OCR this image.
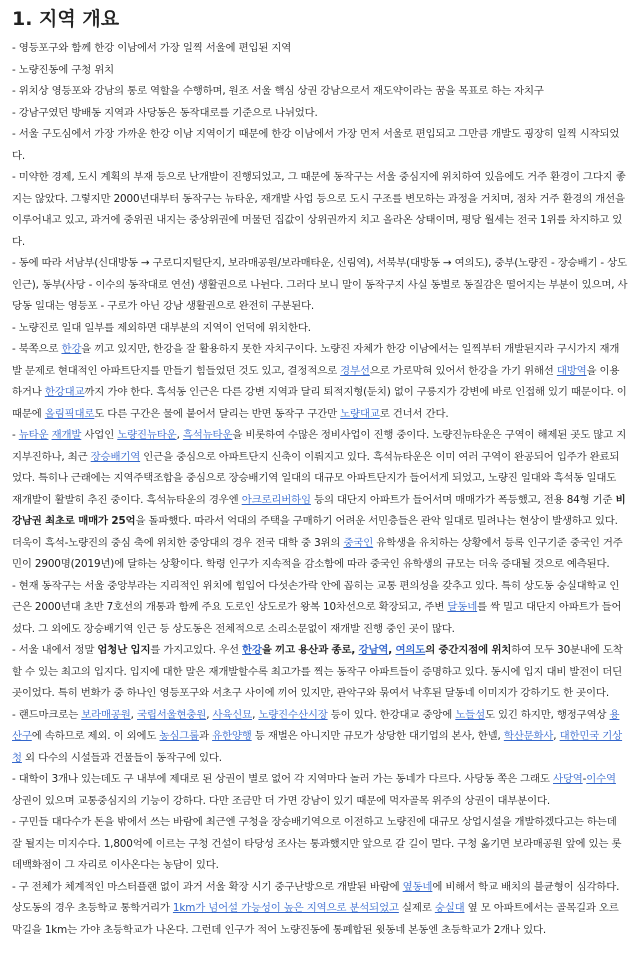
1. 지역 개요

- 영등포구와 함께 한강 이남에서 가장 일찍 서울에 편입된 지역

- 노량진동에 구청 위치

- 위치상 영등포와 강남의 통로 역할을 수행하며, 원조 서울 핵심 상권 강남으로서 재도약이라는 꿈을 목표로 하는 자치구

- 강남구였던 방배동 지역과 사당동은 동작대로를 기준으로 나뉘었다.

- 서울 구도심에서 가장 가까운 한강 이남 지역이기 때문에 한강 이남에서 가장 먼저 서울로 편입되고 그만큼 개발도 굉장히 일찍 시작되었다.

- 미약한 경제, 도시 계획의 부재 등으로 난개발이 진행되었고, 그 때문에 동작구는 서울 중심지에 위치하여 있음에도 거주 환경이 그다지 좋지는 않았다. 그렇지만 2000년대부터 동작구는 뉴타운, 재개발 사업 등으로 도시 구조를 변모하는 과정을 거치며, 점차 거주 환경의 개선을 이루어내고 있고, 과거에 중위권 내지는 중상위권에 머물던 집값이 상위권까지 치고 올라온 상태이며, 평당 월세는 전국 1위를 차지하고 있다.

- 동에 따라 서남부(신대방동 → 구로디지털단지, 보라매공원/보라매타운, 신림역), 서북부(대방동 → 여의도), 중부(노량진 - 장승배기 - 상도 인근), 동부(사당 - 이수의 동작대로 연선) 생활권으로 나뉜다. 그러다 보니 말이 동작구지 사실 동별로 동질감은 떨어지는 부분이 있으며, 사당동 일대는 영등포 - 구로가 아닌 강남 생활권으로 완전히 구분된다.

- 노량진로 일대 일부를 제외하면 대부분의 지역이 언덕에 위치한다.

- 북쪽으로 한강을 끼고 있지만, 한강을 잘 활용하지 못한 자치구이다. 노량진 자체가 한강 이남에서는 일찍부터 개발된지라 구시가지 재개발 문제로 현대적인 아파트단지를 만들기 힘들었던 것도 있고, 결정적으로 경부선으로 가로막혀 있어서 한강을 가기 위해선 대방역을 이용하거나 한강대교까지 가야 한다. 흑석동 인근은 다른 강변 지역과 달리 퇴적지형(둔치) 없이 구릉지가 강변에 바로 인접해 있기 때문이다. 이 때문에 올림픽대로도 다른 구간은 물에 붙어서 달리는 반면 동작구 구간만 노량대교로 건너서 간다.

- 뉴타운 재개발 사업인 노량진뉴타운, 흑석뉴타운을 비롯하여 수많은 정비사업이 진행 중이다. 노량진뉴타운은 구역이 해제된 곳도 많고 지지부진하나, 최근 장승배기역 인근을 중심으로 아파트단지 신축이 이뤄지고 있다. 흑석뉴타운은 이미 여러 구역이 완공되어 입주가 완료되었다. 특히나 근래에는 지역주택조합을 중심으로 장승배기역 일대의 대규모 아파트단지가 들어서게 되었고, 노량진 일대와 흑석동 일대도 재개발이 활발히 추진 중이다. 흑석뉴타운의 경우엔 아크로리버하임 등의 대단지 아파트가 들어서며 매매가가 폭등했고, 전용 84형 기준 비강남권 최초로 매매가 25억을 돌파했다. 따라서 억대의 주택을 구매하기 어려운 서민층들은 관악 일대로 밀려나는 현상이 발생하고 있다. 더욱이 흑석-노량진의 중심 축에 위치한 중앙대의 경우 전국 대학 중 3위의 중국인 유학생을 유치하는 상황에서 등록 인구기준 중국인 거주민이 2900명(2019년)에 달하는 상황이다. 학령 인구가 지속적을 감소함에 따라 중국인 유학생의 규모는 더욱 증대될 것으로 예측된다.

- 현재 동작구는 서울 중앙부라는 지리적인 위치에 힘입어 다섯손가락 안에 꼽히는 교통 편의성을 갖추고 있다. 특히 상도동 숭실대학교 인근은 2000년대 초반 7호선의 개통과 함께 주요 도로인 상도로가 왕복 10차선으로 확장되고, 주변 달동네를 싹 밀고 대단지 아파트가 들어섰다. 그 외에도 장승배기역 인근 등 상도동은 전체적으로 소리소문없이 재개발 진행 중인 곳이 많다.

- 서울 내에서 정말 엄청난 입지를 가지고있다. 우선 한강을 끼고 용산과 종로, 강남역, 여의도의 중간지점에 위치하여 모두 30분내에 도착 할 수 있는 최고의 입지다. 입지에 대한 말은 재개발할수록 최고가를 찍는 동작구 아파트들이 증명하고 있다. 동시에 입지 대비 발전이 더딘 곳이었다. 특히 번화가 중 하나인 영등포구와 서초구 사이에 끼어 있지만, 관악구와 묶여서 낙후된 달동네 이미지가 강하기도 한 곳이다.

- 랜드마크로는 보라매공원, 국립서울현충원, 사육신묘, 노량진수산시장 등이 있다. 한강대교 중앙에 노들섬도 있긴 하지만, 행정구역상 용산구에 속하므로 제외. 이 외에도 농심그룹과 유한양행 등 재벌은 아니지만 규모가 상당한 대기업의 본사, 한넬, 학산문화사, 대한민국 기상청 외 다수의 시설들과 건물들이 동작구에 있다.

- 대학이 3개나 있는데도 구 내부에 제대로 된 상권이 별로 없어 각 지역마다 놀러 가는 동네가 다르다. 사당동 쪽은 그래도 사당역-이수역 상권이 있으며 교통중심지의 기능이 강하다. 다만 조금만 더 가면 강남이 있기 때문에 먹자골목 위주의 상권이 대부분이다.

- 구민들 대다수가 돈을 밖에서 쓰는 바람에 최근엔 구청을 장승배기역으로 이전하고 노량진에 대규모 상업시설을 개발하겠다고는 하는데 잘 될지는 미지수다. 1,800억에 이르는 구청 건설이 타당성 조사는 통과했지만 앞으로 갈 길이 멀다. 구청 옮기면 보라매공원 앞에 있는 롯데백화점이 그 자리로 이사온다는 농담이 있다.

- 구 전체가 체계적인 마스터플랜 없이 과거 서울 확장 시기 중구난방으로 개발된 바람에 옆동네에 비해서 학교 배치의 불균형이 심각하다. 상도동의 경우 초등학교 통학거리가 1km가 넘어설 가능성이 높은 지역으로 분석되었고 실제로 숭실대 옆 모 아파트에서는 골목길과 오르막길을 1km는 가야 초등학교가 나온다. 그런데 인구가 적어 노량진동에 통폐합된 윗동네 본동엔 초등학교가 2개나 있다.
